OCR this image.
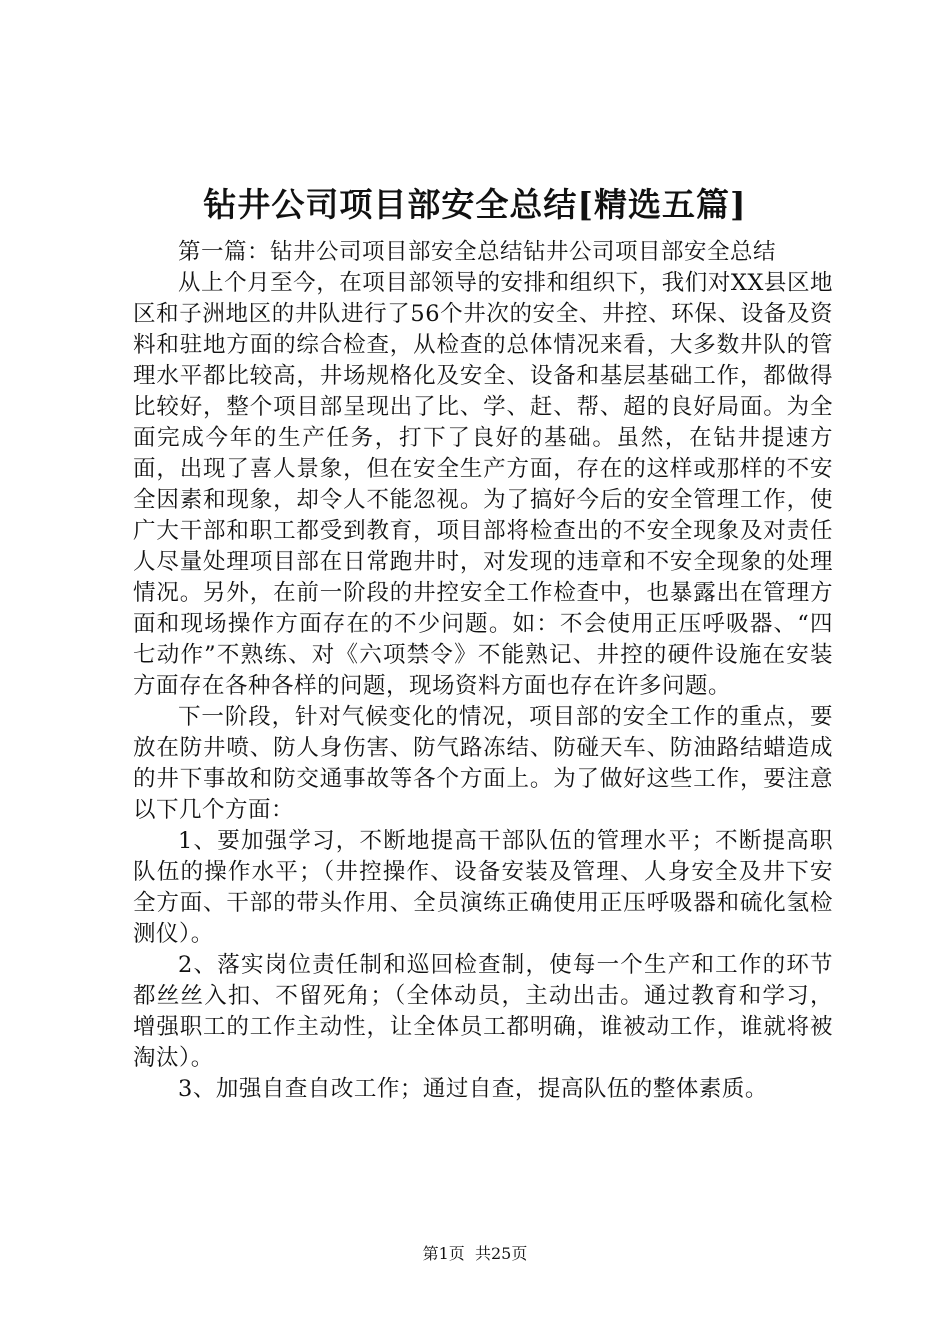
钻井公司项目部安全总结[精选五篇]

第一篇：钻井公司项目部安全总结钻井公司项目部安全总结

从上个月至今，在项目部领导的安排和组织下，我们对XX县区地区和子洲地区的井队进行了56个井次的安全、井控、环保、设备及资料和驻地方面的综合检查，从检查的总体情况来看，大多数井队的管理水平都比较高，井场规格化及安全、设备和基层基础工作，都做得比较好，整个项目部呈现出了比、学、赶、帮、超的良好局面。为全面完成今年的生产任务，打下了良好的基础。虽然，在钻井提速方面，出现了喜人景象，但在安全生产方面，存在的这样或那样的不安全因素和现象，却令人不能忽视。为了搞好今后的安全管理工作，使广大干部和职工都受到教育，项目部将检查出的不安全现象及对责任人尽量处理项目部在日常跑井时，对发现的违章和不安全现象的处理情况。另外，在前一阶段的井控安全工作检查中，也暴露出在管理方面和现场操作方面存在的不少问题。如：不会使用正压呼吸器、“四七动作”不熟练、对《六项禁令》不能熟记、井控的硬件设施在安装方面存在各种各样的问题，现场资料方面也存在许多问题。

下一阶段，针对气候变化的情况，项目部的安全工作的重点，要放在防井喷、防人身伤害、防气路冻结、防碰天车、防油路结蜡造成的井下事故和防交通事故等各个方面上。为了做好这些工作，要注意以下几个方面：

1、要加强学习，不断地提高干部队伍的管理水平；不断提高职队伍的操作水平；（井控操作、设备安装及管理、人身安全及井下安全方面、干部的带头作用、全员演练正确使用正压呼吸器和硫化氢检测仪）。

2、落实岗位责任制和巡回检查制，使每一个生产和工作的环节都丝丝入扣、不留死角；（全体动员，主动出击。通过教育和学习，增强职工的工作主动性，让全体员工都明确，谁被动工作，谁就将被淘汰）。

3、加强自查自改工作；通过自查，提高队伍的整体素质。

第1页 共25页
